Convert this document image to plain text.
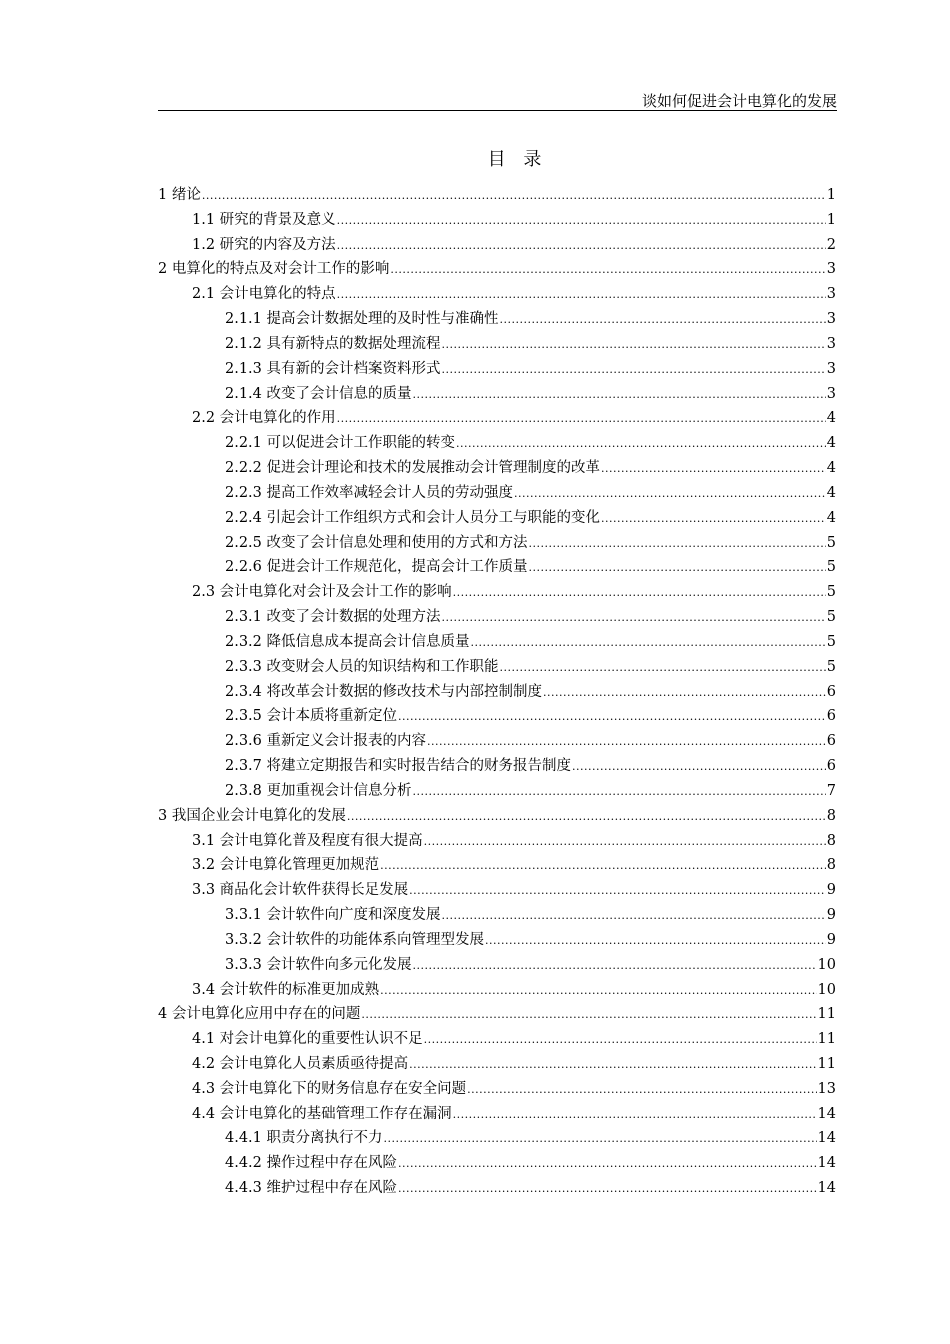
谈如何促进会计电算化的发展
目 录
1 绪论 .....	1
1.1 研究的背景及意义 .....	1
1.2 研究的内容及方法 .....	2
2 电算化的特点及对会计工作的影响 .....	3
2.1 会计电算化的特点 .....	3
2.1.1 提高会计数据处理的及时性与准确性 .....	3
2.1.2 具有新特点的数据处理流程 .....	3
2.1.3 具有新的会计档案资料形式 .....	3
2.1.4 改变了会计信息的质量 .....	3
2.2 会计电算化的作用 .....	4
2.2.1 可以促进会计工作职能的转变 .....	4
2.2.2 促进会计理论和技术的发展推动会计管理制度的改革 .....	4
2.2.3 提高工作效率减轻会计人员的劳动强度 .....	4
2.2.4 引起会计工作组织方式和会计人员分工与职能的变化 .....	4
2.2.5 改变了会计信息处理和使用的方式和方法 .....	5
2.2.6 促进会计工作规范化，提高会计工作质量 .....	5
2.3 会计电算化对会计及会计工作的影响 .....	5
2.3.1 改变了会计数据的处理方法 .....	5
2.3.2 降低信息成本提高会计信息质量 .....	5
2.3.3 改变财会人员的知识结构和工作职能 .....	5
2.3.4 将改革会计数据的修改技术与内部控制制度 .....	6
2.3.5 会计本质将重新定位 .....	6
2.3.6 重新定义会计报表的内容 .....	6
2.3.7 将建立定期报告和实时报告结合的财务报告制度 .....	6
2.3.8 更加重视会计信息分析 .....	7
3 我国企业会计电算化的发展 .....	8
3.1 会计电算化普及程度有很大提高 .....	8
3.2 会计电算化管理更加规范 .....	8
3.3 商品化会计软件获得长足发展 .....	9
3.3.1 会计软件向广度和深度发展 .....	9
3.3.2 会计软件的功能体系向管理型发展 .....	9
3.3.3 会计软件向多元化发展 .....	10
3.4 会计软件的标准更加成熟 .....	10
4 会计电算化应用中存在的问题 .....	11
4.1 对会计电算化的重要性认识不足 .....	11
4.2 会计电算化人员素质亟待提高 .....	11
4.3 会计电算化下的财务信息存在安全问题 .....	13
4.4 会计电算化的基础管理工作存在漏洞 .....	14
4.4.1 职责分离执行不力 .....	14
4.4.2 操作过程中存在风险 .....	14
4.4.3 维护过程中存在风险 .....	14
